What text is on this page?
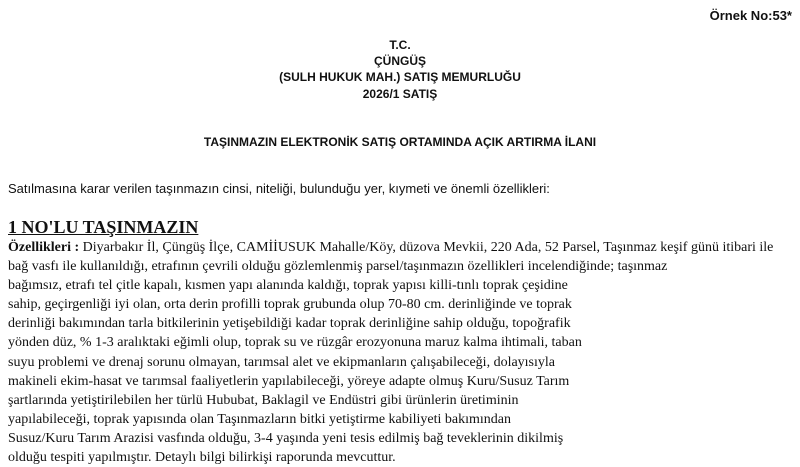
Örnek No:53*
T.C.
ÇÜNGÜŞ
(SULH HUKUK MAH.) SATIŞ MEMURLUĞU
2026/1 SATIŞ
TAŞINMAZIN ELEKTRONİK SATIŞ ORTAMINDA AÇIK ARTIRMA İLANI
Satılmasına karar verilen taşınmazın cinsi, niteliği, bulunduğu yer, kıymeti ve önemli özellikleri:
1 NO'LU TAŞINMAZIN
Özellikleri : Diyarbakır İl, Çüngüş İlçe, CAMİİUSUK Mahalle/Köy, düzova Mevkii, 220 Ada, 52 Parsel, Taşınmaz keşif günü itibari ile
bağ vasfı ile kullanıldığı, etrafının çevrili olduğu gözlemlenmiş parsel/taşınmazın özellikleri incelendiğinde; taşınmaz
bağımsız, etrafı tel çitle kapalı, kısmen yapı alanında kaldığı, toprak yapısı killi-tınlı toprak çeşidine
sahip, geçirgenliği iyi olan, orta derin profilli toprak grubunda olup 70-80 cm. derinliğinde ve toprak
derinliği bakımından tarla bitkilerinin yetişebildiği kadar toprak derinliğine sahip olduğu, topoğrafik
yönden düz, % 1-3 aralıktaki eğimli olup, toprak su ve rüzgâr erozyonuna maruz kalma ihtimali, taban
suyu problemi ve drenaj sorunu olmayan, tarımsal alet ve ekipmanların çalışabileceği, dolayısıyla
makineli ekim-hasat ve tarımsal faaliyetlerin yapılabileceği, yöreye adapte olmuş Kuru/Susuz Tarım
şartlarında yetiştirilebilen her türlü Hububat, Baklagil ve Endüstri gibi ürünlerin üretiminin
yapılabileceği, toprak yapısında olan Taşınmazların bitki yetiştirme kabiliyeti bakımından
Susuz/Kuru Tarım Arazisi vasfında olduğu, 3-4 yaşında yeni tesis edilmiş bağ teveklerinin dikilmiş
olduğu tespiti yapılmıştır. Detaylı bilgi bilirkişi raporunda mevcuttur.
